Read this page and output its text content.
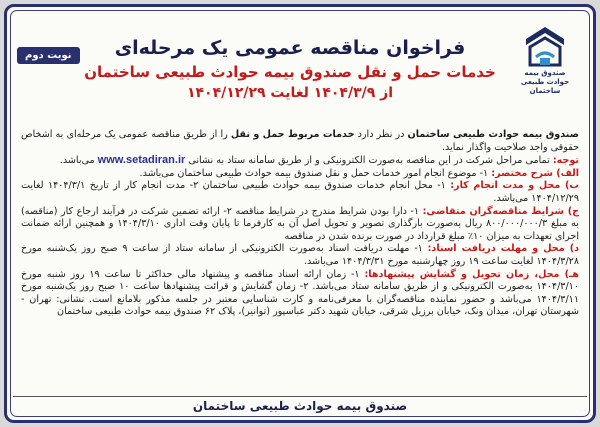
صندوق بیمه
حوادث طبیعی
ساختمان
نوبت دوم	فراخوان مناقصه عمومی یک مرحله‌ای
خدمات حمل و نقل صندوق بیمه حوادث طبیعی ساختمان
از ۱۴۰۴/۳/۹ لغایت ۱۴۰۴/۱۲/۲۹

صندوق بیمه حوادث طبیعی ساختمان در نظر دارد خدمات مربوط حمل و نقل را از طریق مناقصه عمومی یک مرحله‌ای به اشخاص حقوقی واجد صلاحیت واگذار نماید.

توجه: تمامی مراحل شرکت در این مناقصه به‌صورت الکترونیکی و از طریق سامانه ستاد به نشانی www.setadiran.ir می‌باشد.

الف) شرح مختصر: ۱- موضوع انجام امور خدمات حمل و نقل صندوق بیمه حوادث طبیعی ساختمان می‌باشد.

ب) محل و مدت انجام کار: ۱- محل انجام خدمات صندوق بیمه حوادث طبیعی ساختمان ۲- مدت انجام کار از تاریخ ۱۴۰۴/۳/۱ لغایت ۱۴۰۴/۱۲/۲۹ می‌باشد.

ج) شرایط مناقصه‌گران متقاضی: ۱- دارا بودن شرایط مندرج در شرایط مناقصه ۲- ارائه تضمین شرکت در فرآیند ارجاع کار (مناقصه) به مبلغ ۸۰۰/۰۰۰/۰۰۰/۳ ریال به‌صورت بارگذاری تصویر و تحویل اصل آن به کارفرما تا پایان وقت اداری ۱۴۰۴/۳/۱۰ و همچنین ارائه ضمانت اجرای تعهدات به میزان ۱۰٪ مبلغ قرارداد در صورت برنده شدن در مناقصه

د) محل و مهلت دریافت اسناد: ۱- مهلت دریافت اسناد به‌صورت الکترونیکی از سامانه ستاد از ساعت ۹ صبح روز یک‌شنبه مورخ ۱۴۰۴/۳/۲۸ لغایت ساعت ۱۹ روز چهارشنبه مورخ ۱۴۰۴/۳/۳۱ می‌باشد.

هـ) محل، زمان تحویل و گشایش پیشنهادها: ۱- زمان ارائه اسناد مناقصه و پیشنهاد مالی حداکثر تا ساعت ۱۹ روز شنبه مورخ ۱۴۰۴/۳/۱۰ به‌صورت الکترونیکی و از طریق سامانه ستاد می‌باشد. ۲- زمان گشایش و قرائت پیشنهادها ساعت ۱۰ صبح روز یک‌شنبه مورخ ۱۴۰۴/۳/۱۱ می‌باشد و حضور نماینده مناقصه‌گران با معرفی‌نامه و کارت شناسایی معتبر در جلسه مذکور بلامانع است. نشانی: تهران - شهرستان تهران، میدان ونک، خیابان برزیل شرقی، خیابان شهید دکتر عباسپور (توانیر)، پلاک ۶۲ صندوق بیمه حوادث طبیعی ساختمان

صندوق بیمه حوادث طبیعی ساختمان
